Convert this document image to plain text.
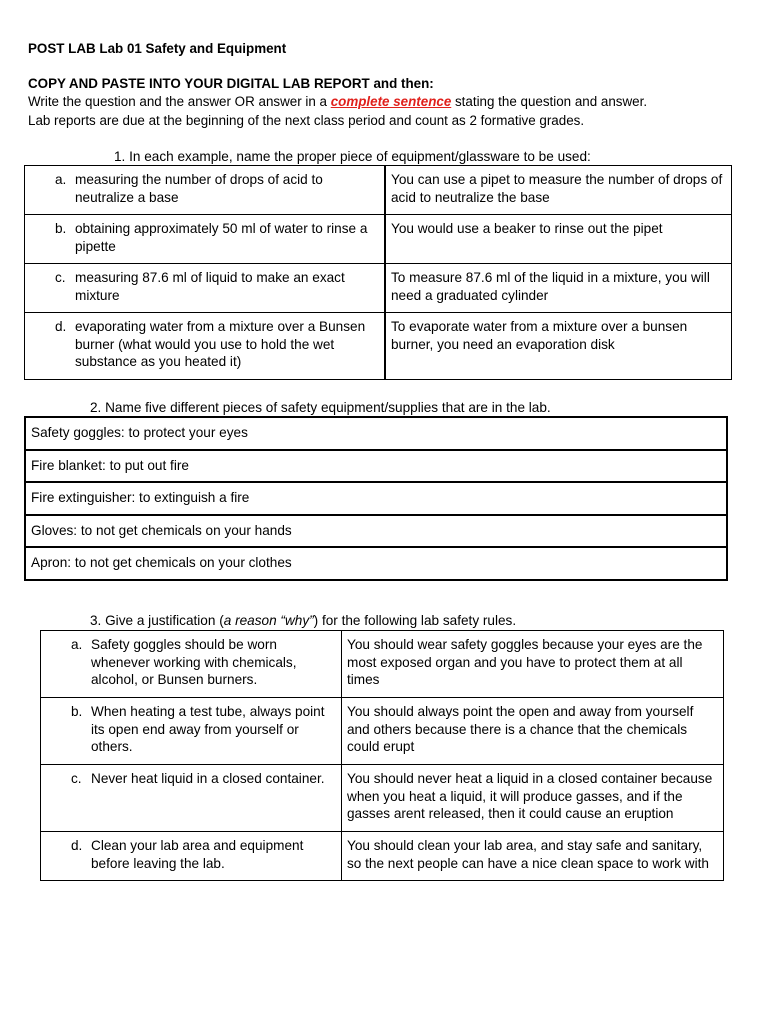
POST LAB Lab 01 Safety and Equipment
COPY AND PASTE INTO YOUR DIGITAL LAB REPORT and then:
Write the question and the answer OR answer in a complete sentence stating the question and answer.
Lab reports are due at the beginning of the next class period and count as 2 formative grades.
1. In each example, name the proper piece of equipment/glassware to be used:
a. measuring the number of drops of acid to neutralize a base	You can use a pipet to measure the number of drops of acid to neutralize the base

b. obtaining approximately 50 ml of water to rinse a pipette	You would use a beaker to rinse out the pipet

c. measuring 87.6 ml of liquid to make an exact mixture	To measure 87.6 ml of the liquid in a mixture, you will need a graduated cylinder

d. evaporating water from a mixture over a Bunsen burner (what would you use to hold the wet substance as you heated it)	To evaporate water from a mixture over a bunsen burner, you need an evaporation disk
2. Name five different pieces of safety equipment/supplies that are in the lab.
Safety goggles: to protect your eyes
Fire blanket: to put out fire
Fire extinguisher: to extinguish a fire
Gloves: to not get chemicals on your hands
Apron: to not get chemicals on your clothes
3. Give a justification (a reason “why”) for the following lab safety rules.
a. Safety goggles should be worn whenever working with chemicals, alcohol, or Bunsen burners.	You should wear safety goggles because your eyes are the most exposed organ and you have to protect them at all times

b. When heating a test tube, always point its open end away from yourself or others.	You should always point the open and away from yourself and others because there is a chance that the chemicals could erupt

c. Never heat liquid in a closed container.	You should never heat a liquid in a closed container because when you heat a liquid, it will produce gasses, and if the gasses arent released, then it could cause an eruption

d. Clean your lab area and equipment before leaving the lab.	You should clean your lab area, and stay safe and sanitary, so the next people can have a nice clean space to work with
